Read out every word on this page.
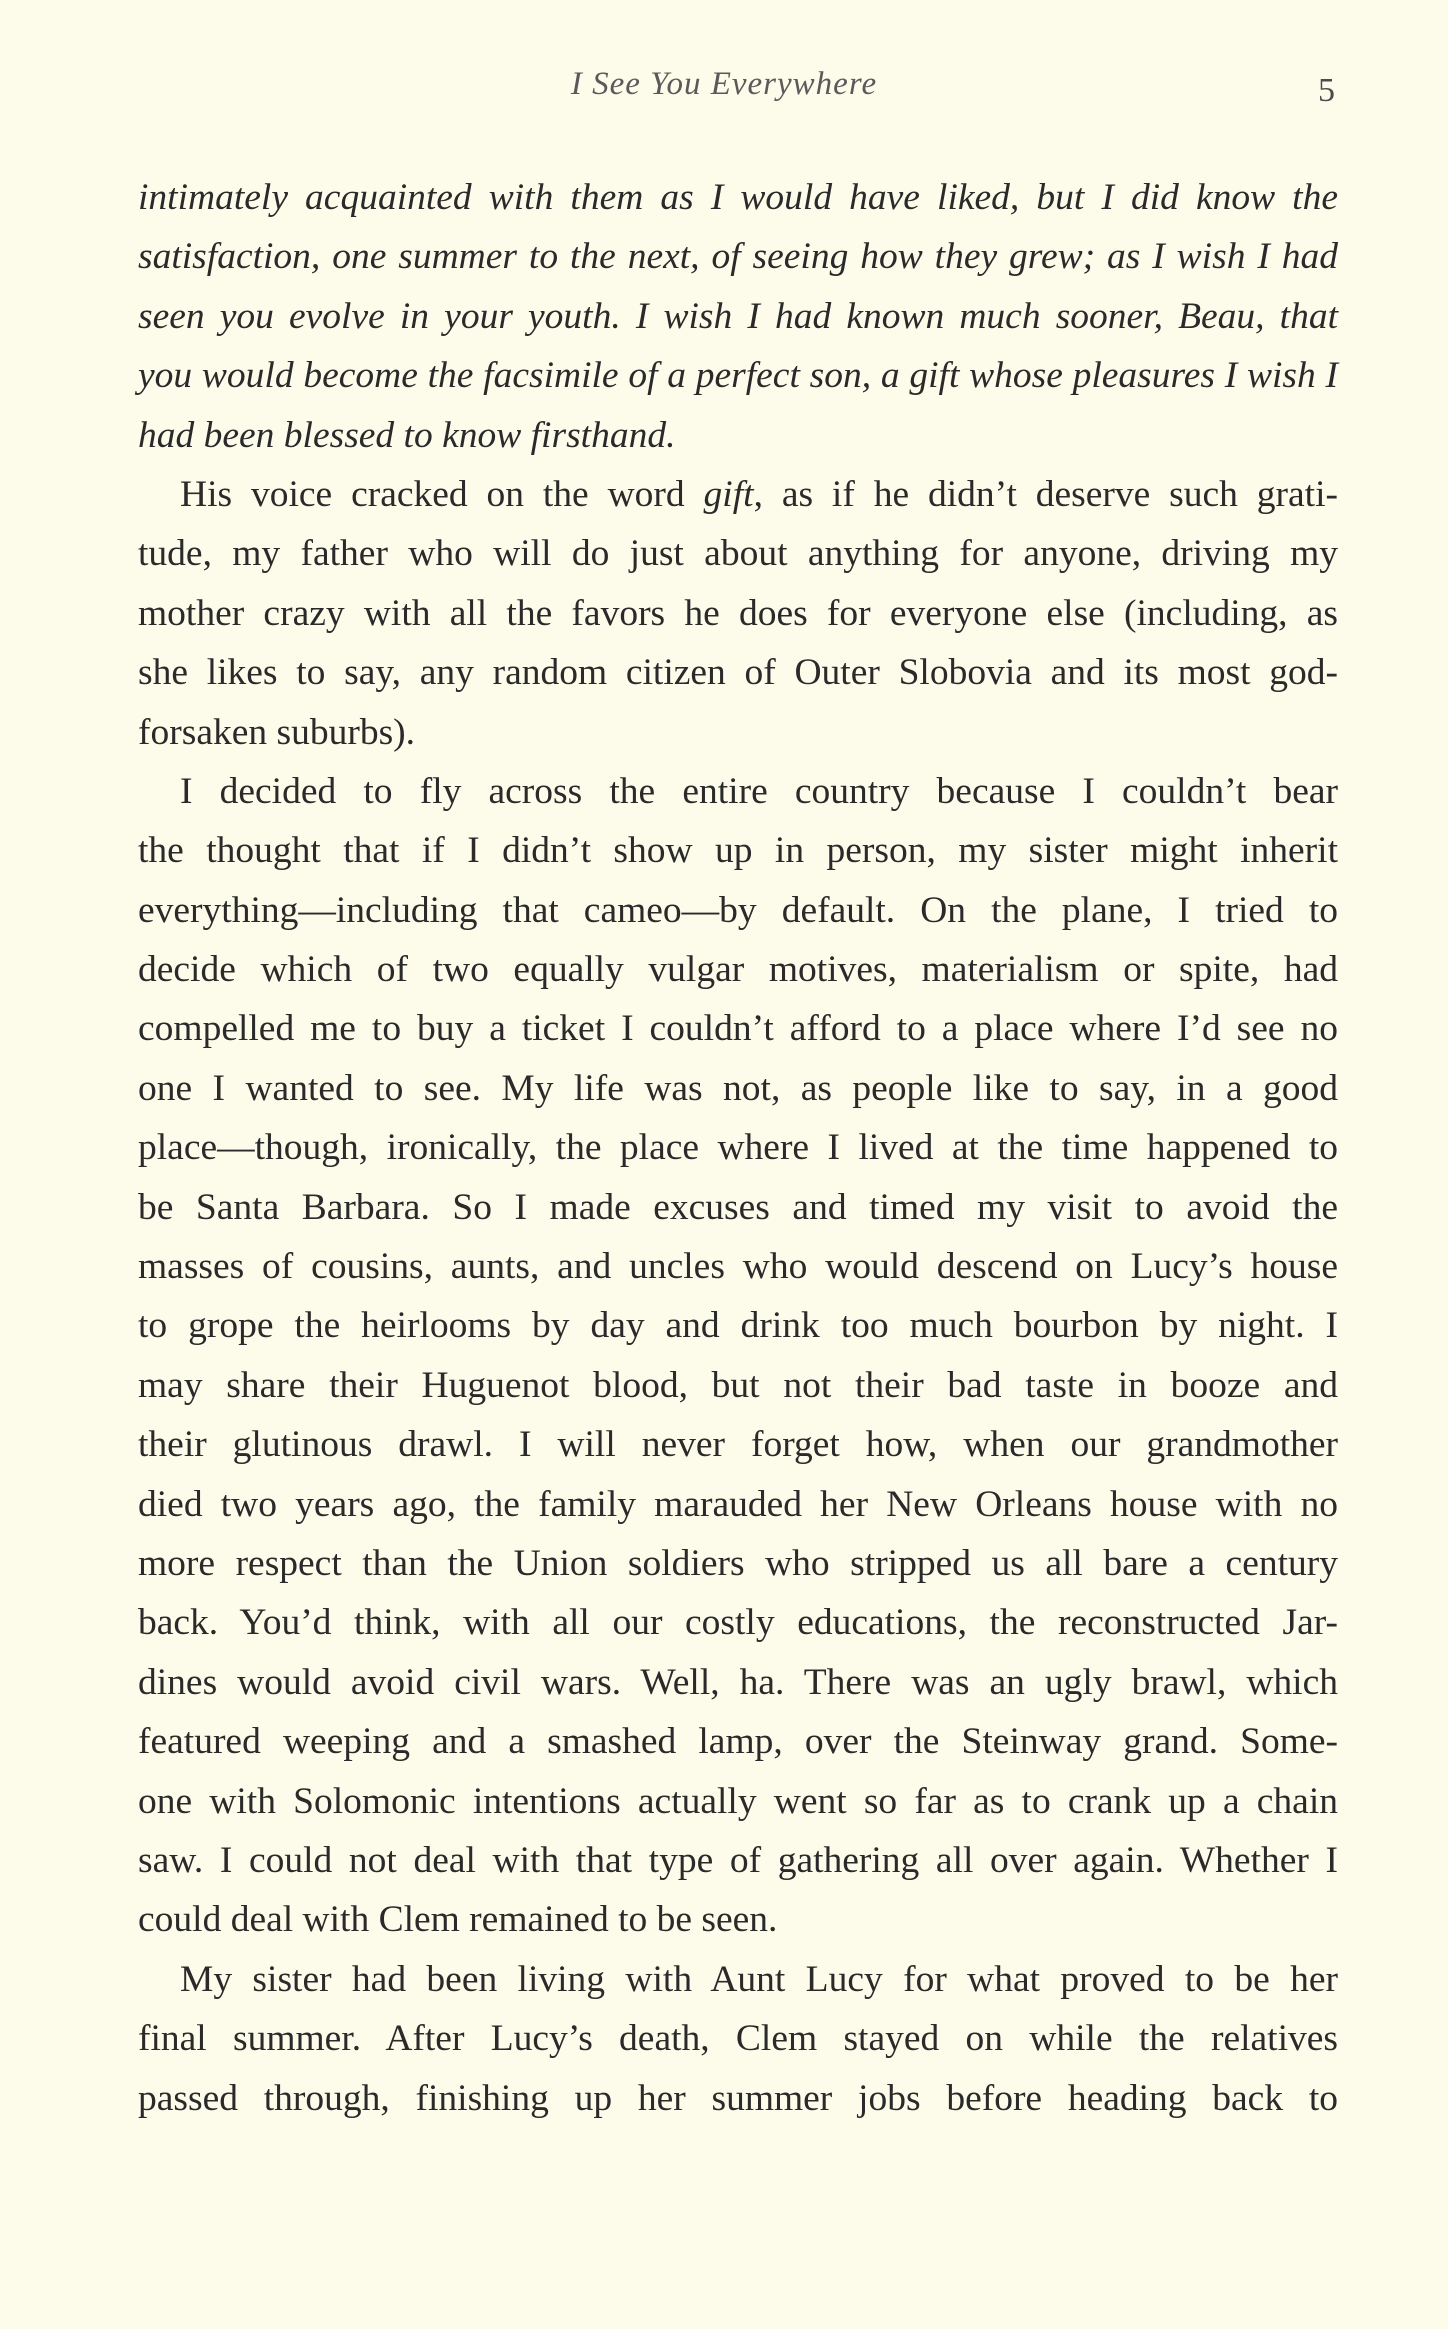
I See You Everywhere	5
intimately acquainted with them as I would have liked, but I did know the
satisfaction, one summer to the next, of seeing how they grew; as I wish I had
seen you evolve in your youth. I wish I had known much sooner, Beau, that
you would become the facsimile of a perfect son, a gift whose pleasures I wish I
had been blessed to know firsthand.
His voice cracked on the word gift, as if he didn’t deserve such grati-
tude, my father who will do just about anything for anyone, driving my
mother crazy with all the favors he does for everyone else (including, as
she likes to say, any random citizen of Outer Slobovia and its most god-
forsaken suburbs).
I decided to fly across the entire country because I couldn’t bear
the thought that if I didn’t show up in person, my sister might inherit
everything—including that cameo—by default. On the plane, I tried to
decide which of two equally vulgar motives, materialism or spite, had
compelled me to buy a ticket I couldn’t afford to a place where I’d see no
one I wanted to see. My life was not, as people like to say, in a good
place—though, ironically, the place where I lived at the time happened to
be Santa Barbara. So I made excuses and timed my visit to avoid the
masses of cousins, aunts, and uncles who would descend on Lucy’s house
to grope the heirlooms by day and drink too much bourbon by night. I
may share their Huguenot blood, but not their bad taste in booze and
their glutinous drawl. I will never forget how, when our grandmother
died two years ago, the family marauded her New Orleans house with no
more respect than the Union soldiers who stripped us all bare a century
back. You’d think, with all our costly educations, the reconstructed Jar-
dines would avoid civil wars. Well, ha. There was an ugly brawl, which
featured weeping and a smashed lamp, over the Steinway grand. Some-
one with Solomonic intentions actually went so far as to crank up a chain
saw. I could not deal with that type of gathering all over again. Whether I
could deal with Clem remained to be seen.
My sister had been living with Aunt Lucy for what proved to be her
final summer. After Lucy’s death, Clem stayed on while the relatives
passed through, finishing up her summer jobs before heading back to
